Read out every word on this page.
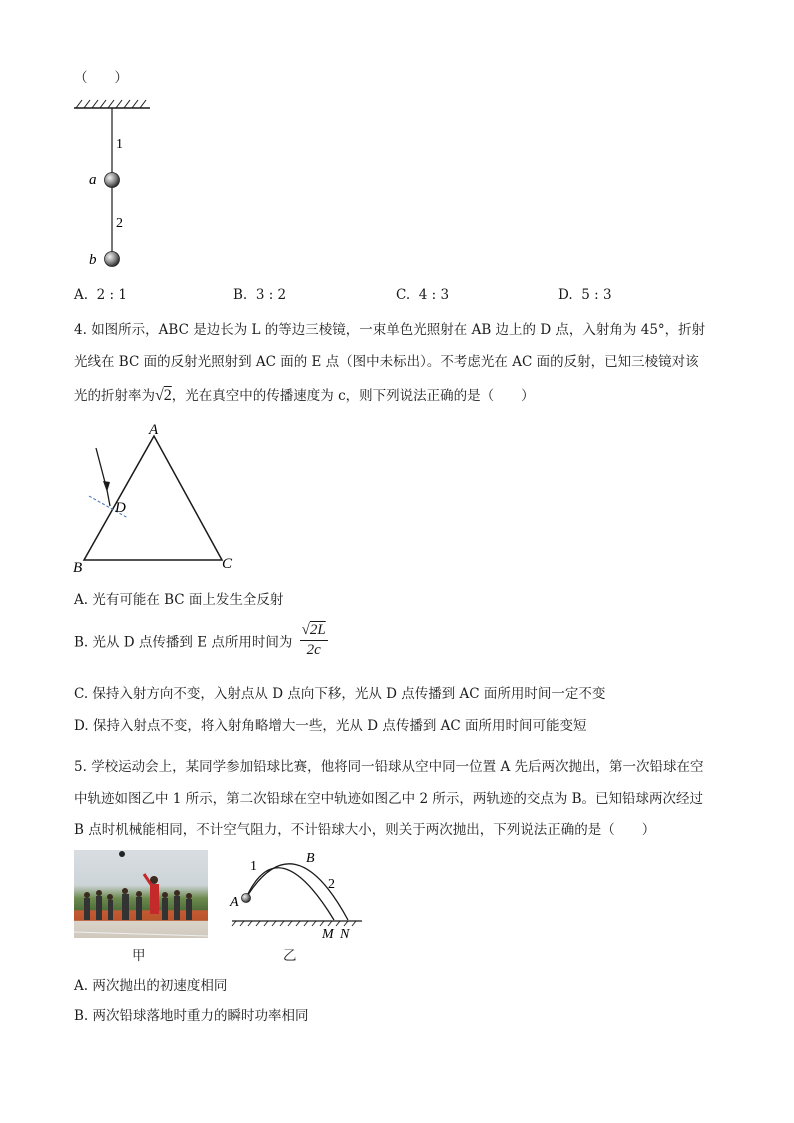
（　　）
1
2
a
b
A. 2 : 1	B. 3 : 2	C. 4 : 3	D. 5 : 3
4. 如图所示，ABC 是边长为 L 的等边三棱镜，一束单色光照射在 AB 边上的 D 点，入射角为 45°，折射
光线在 BC 面的反射光照射到 AC 面的 E 点（图中未标出）。不考虑光在 AC 面的反射，已知三棱镜对该
光的折射率为√2，光在真空中的传播速度为 c，则下列说法正确的是（　　）
A
B	C
D
A. 光有可能在 BC 面上发生全反射
B. 光从 D 点传播到 E 点所用时间为 $\frac{√2L}{2c}$
C. 保持入射方向不变，入射点从 D 点向下移，光从 D 点传播到 AC 面所用时间一定不变
D. 保持入射点不变，将入射角略增大一些，光从 D 点传播到 AC 面所用时间可能变短
5. 学校运动会上，某同学参加铅球比赛，他将同一铅球从空中同一位置 A 先后两次抛出，第一次铅球在空
中轨迹如图乙中 1 所示，第二次铅球在空中轨迹如图乙中 2 所示，两轨迹的交点为 B。已知铅球两次经过
B 点时机械能相同，不计空气阻力，不计铅球大小，则关于两次抛出，下列说法正确的是（　　）
甲
A
B
M N
1
2
乙
A. 两次抛出的初速度相同
B. 两次铅球落地时重力的瞬时功率相同
